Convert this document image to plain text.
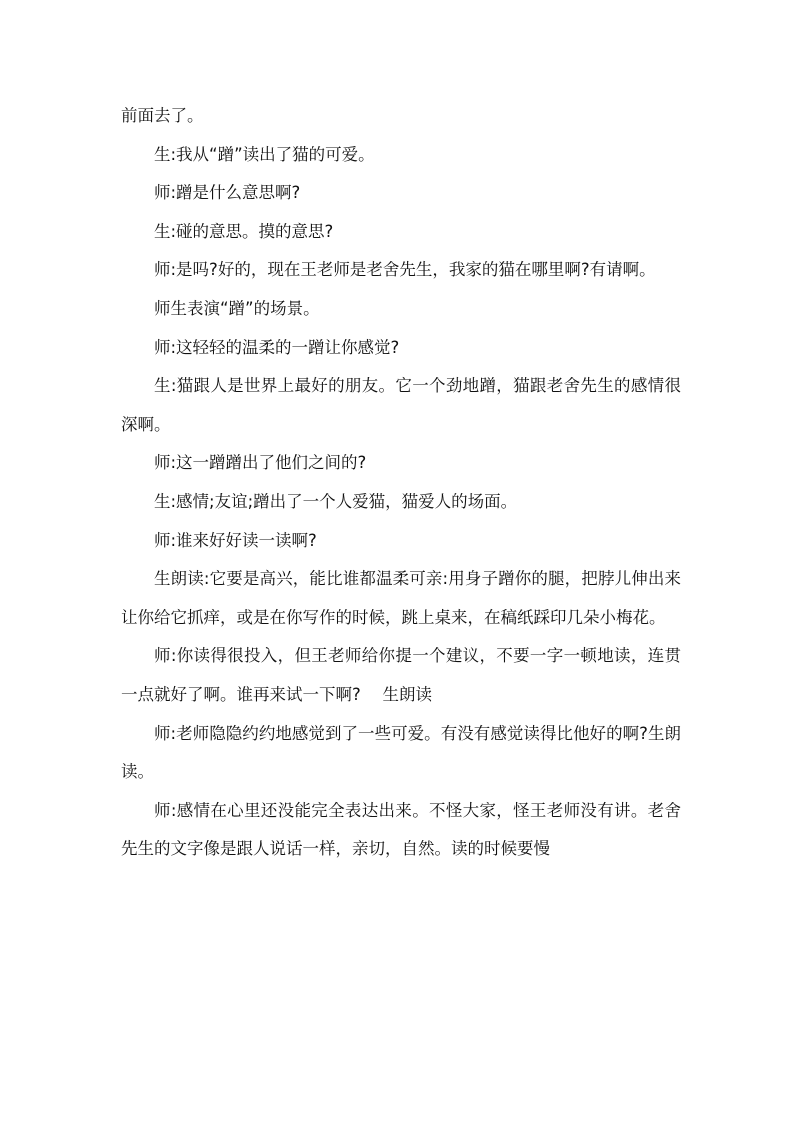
前面去了。

生:我从“蹭”读出了猫的可爱。

师:蹭是什么意思啊?

生:碰的意思。摸的意思?

师:是吗?好的，现在王老师是老舍先生，我家的猫在哪里啊?有请啊。

师生表演“蹭”的场景。

师:这轻轻的温柔的一蹭让你感觉?

生:猫跟人是世界上最好的朋友。它一个劲地蹭，猫跟老舍先生的感情很深啊。

师:这一蹭蹭出了他们之间的?

生:感情;友谊;蹭出了一个人爱猫，猫爱人的场面。

师:谁来好好读一读啊?

生朗读:它要是高兴，能比谁都温柔可亲:用身子蹭你的腿，把脖儿伸出来让你给它抓痒，或是在你写作的时候，跳上桌来，在稿纸踩印几朵小梅花。

师:你读得很投入，但王老师给你提一个建议，不要一字一顿地读，连贯一点就好了啊。谁再来试一下啊?　 生朗读

师:老师隐隐约约地感觉到了一些可爱。有没有感觉读得比他好的啊?生朗读。

师:感情在心里还没能完全表达出来。不怪大家，怪王老师没有讲。老舍先生的文字像是跟人说话一样，亲切，自然。读的时候要慢
